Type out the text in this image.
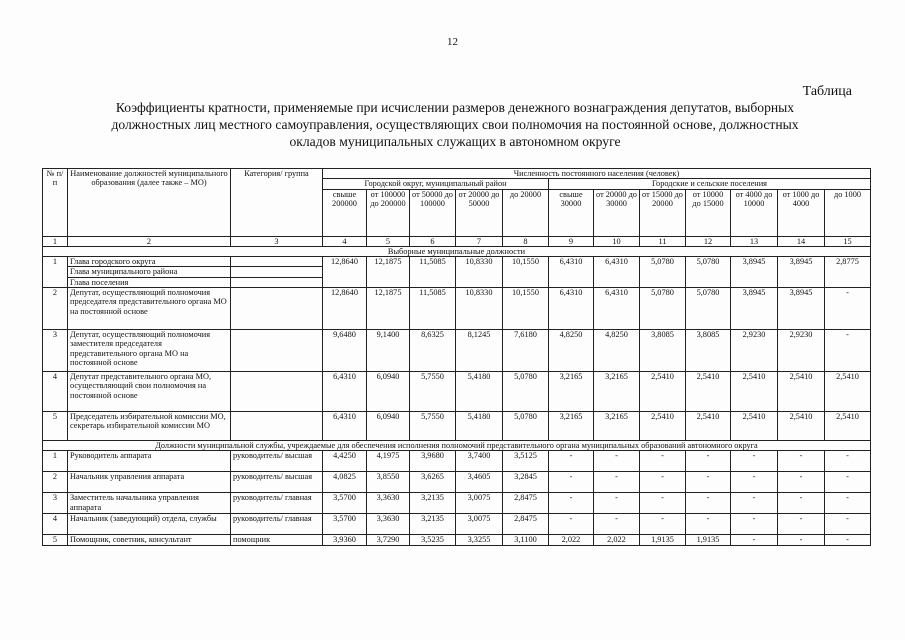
12
Таблица
Коэффициенты кратности, применяемые при исчислении размеров денежного вознаграждения депутатов, выборных
должностных лиц местного самоуправления, осуществляющих свои полномочия на постоянной основе, должностных
окладов муниципальных служащих в автономном округе
№ п/п	Наименование должностей муниципального образования (далее также – МО)	Категория/ группа	Численность постоянного населения (человек)											
			Городской округ, муниципальный район					Городские и сельские поселения						
			свыше 200000	от 100000 до 200000	от 50000 до 100000	от 20000 до 50000	до 20000	свыше 30000	от 20000 до 30000	от 15000 до 20000	от 10000 до 15000	от 4000 до 10000	от 1000 до 4000	до 1000
1	2	3	4	5	6	7	8	9	10	11	12	13	14	15
Выборные муниципальные должности														
1	Глава городского округа		12,8640	12,1875	11,5085	10,8330	10,1550	6,4310	6,4310	5,0780	5,0780	3,8945	3,8945	2,8775
	Глава муниципального района													
	Глава поселения													
2	Депутат, осуществляющий полномочия председателя представительного органа МО на постоянной основе		12,8640	12,1875	11,5085	10,8330	10,1550	6,4310	6,4310	5,0780	5,0780	3,8945	3,8945	-
3	Депутат, осуществляющий полномочия заместителя председателя представительного органа МО на постоянной основе		9,6480	9,1400	8,6325	8,1245	7,6180	4,8250	4,8250	3,8085	3,8085	2,9230	2,9230	-
4	Депутат представительного органа МО, осуществляющий свои полномочия на постоянной основе		6,4310	6,0940	5,7550	5,4180	5,0780	3,2165	3,2165	2,5410	2,5410	2,5410	2,5410	2,5410
5	Председатель избирательной комиссии МО, секретарь избирательной комиссии МО		6,4310	6,0940	5,7550	5,4180	5,0780	3,2165	3,2165	2,5410	2,5410	2,5410	2,5410	2,5410
Должности муниципальной службы, учреждаемые для обеспечения исполнения полномочий представительного органа муниципальных образований автономного округа														
1	Руководитель аппарата	руководитель/ высшая	4,4250	4,1975	3,9680	3,7400	3,5125	-	-	-	-	-	-	-
2	Начальник управления аппарата	руководитель/ высшая	4,0825	3,8550	3,6265	3,4605	3,2845	-	-	-	-	-	-	-
3	Заместитель начальника управления аппарата	руководитель/ главная	3,5700	3,3630	3,2135	3,0075	2,8475	-	-	-	-	-	-	-
4	Начальник (заведующий) отдела, службы	руководитель/ главная	3,5700	3,3630	3,2135	3,0075	2,8475	-	-	-	-	-	-	-
5	Помощник, советник, консультант	помощник	3,9360	3,7290	3,5235	3,3255	3,1100	2,022	2,022	1,9135	1,9135	-	-	-
